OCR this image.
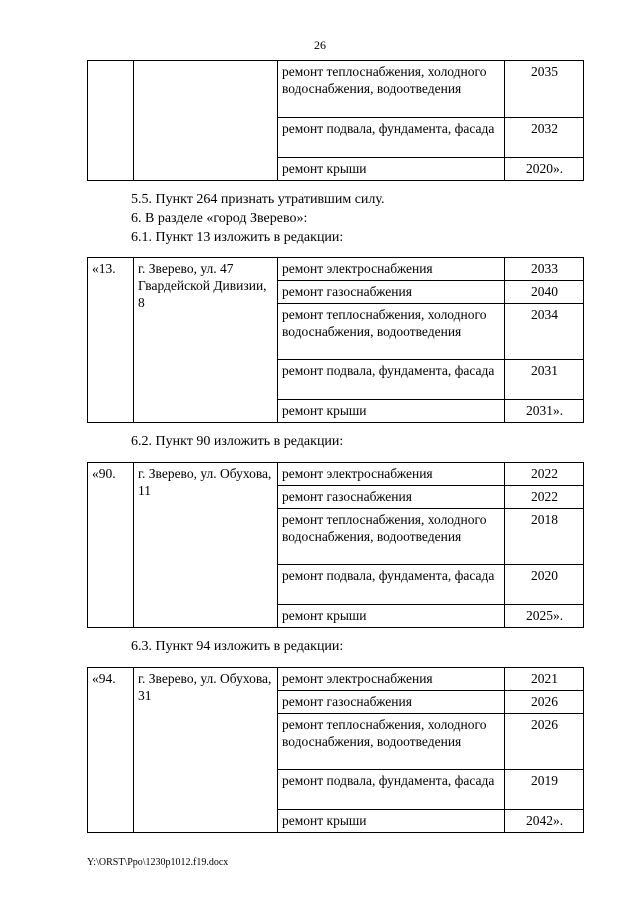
26
		ремонт теплоснабжения, холодного водоснабжения, водоотведения	2035
		ремонт подвала, фундамента, фасада	2032
		ремонт крыши	2020».
5.5. Пункт 264 признать утратившим силу.
6. В разделе «город Зверево»:
6.1. Пункт 13 изложить в редакции:
«13.	г. Зверево, ул. 47 Гвардейской Дивизии, 8	ремонт электроснабжения	2033
		ремонт газоснабжения	2040
		ремонт теплоснабжения, холодного водоснабжения, водоотведения	2034
		ремонт подвала, фундамента, фасада	2031
		ремонт крыши	2031».
6.2. Пункт 90 изложить в редакции:
«90.	г. Зверево, ул. Обухова, 11	ремонт электроснабжения	2022
		ремонт газоснабжения	2022
		ремонт теплоснабжения, холодного водоснабжения, водоотведения	2018
		ремонт подвала, фундамента, фасада	2020
		ремонт крыши	2025».
6.3. Пункт 94 изложить в редакции:
«94.	г. Зверево, ул. Обухова, 31	ремонт электроснабжения	2021
		ремонт газоснабжения	2026
		ремонт теплоснабжения, холодного водоснабжения, водоотведения	2026
		ремонт подвала, фундамента, фасада	2019
		ремонт крыши	2042».
Y:\ORST\Ppo\1230p1012.f19.docx
